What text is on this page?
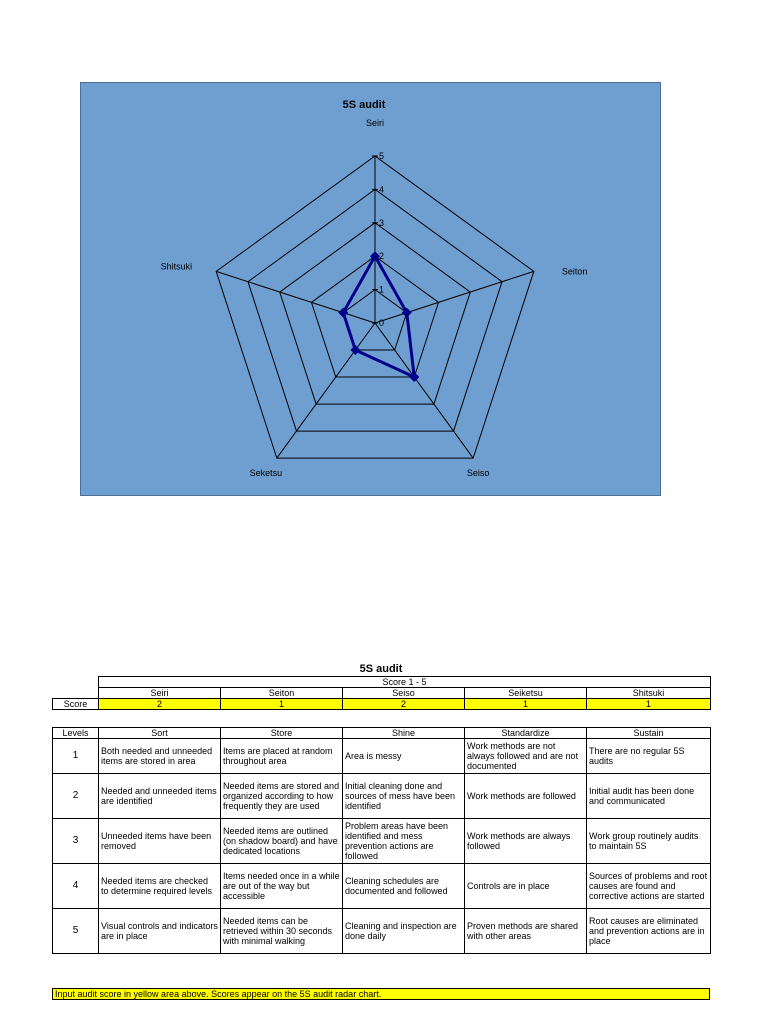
5S audit
0
1
2
3
4
5
Seiri
Seiton
Seiso
Seketsu
Shitsuki
5S audit
	Score 1 - 5				
	Seiri	Seiton	Seiso	Seiketsu	Shitsuki
Score	2	1	2	1	1
Levels	Sort	Store	Shine	Standardize	Sustain
1	Both needed and unneeded items are stored in area	Items are placed at random throughout area	Area is messy	Work methods are not always followed and are not documented	There are no regular 5S audits
2	Needed and unneeded items are identified	Needed items are stored and organized according to how frequently they are used	Initial cleaning done and sources of mess have been identified	Work methods are followed	Initial audit has been done and communicated
3	Unneeded items have been removed	Needed items are outlined (on shadow board) and have dedicated locations	Problem areas have been identified and mess prevention actions are followed	Work methods are always followed	Work group routinely audits to maintain 5S
4	Needed items are checked to determine required levels	Items needed once in a while are out of the way but accessible	Cleaning schedules are documented and followed	Controls are in place	Sources of problems and root causes are found and corrective actions are started
5	Visual controls and indicators are in place	Needed items can be retrieved within 30 seconds with minimal walking	Cleaning and inspection are done daily	Proven methods are shared with other areas	Root causes are eliminated and prevention actions are in place
Input audit score in yellow area above. Scores appear on the 5S audit radar chart.
